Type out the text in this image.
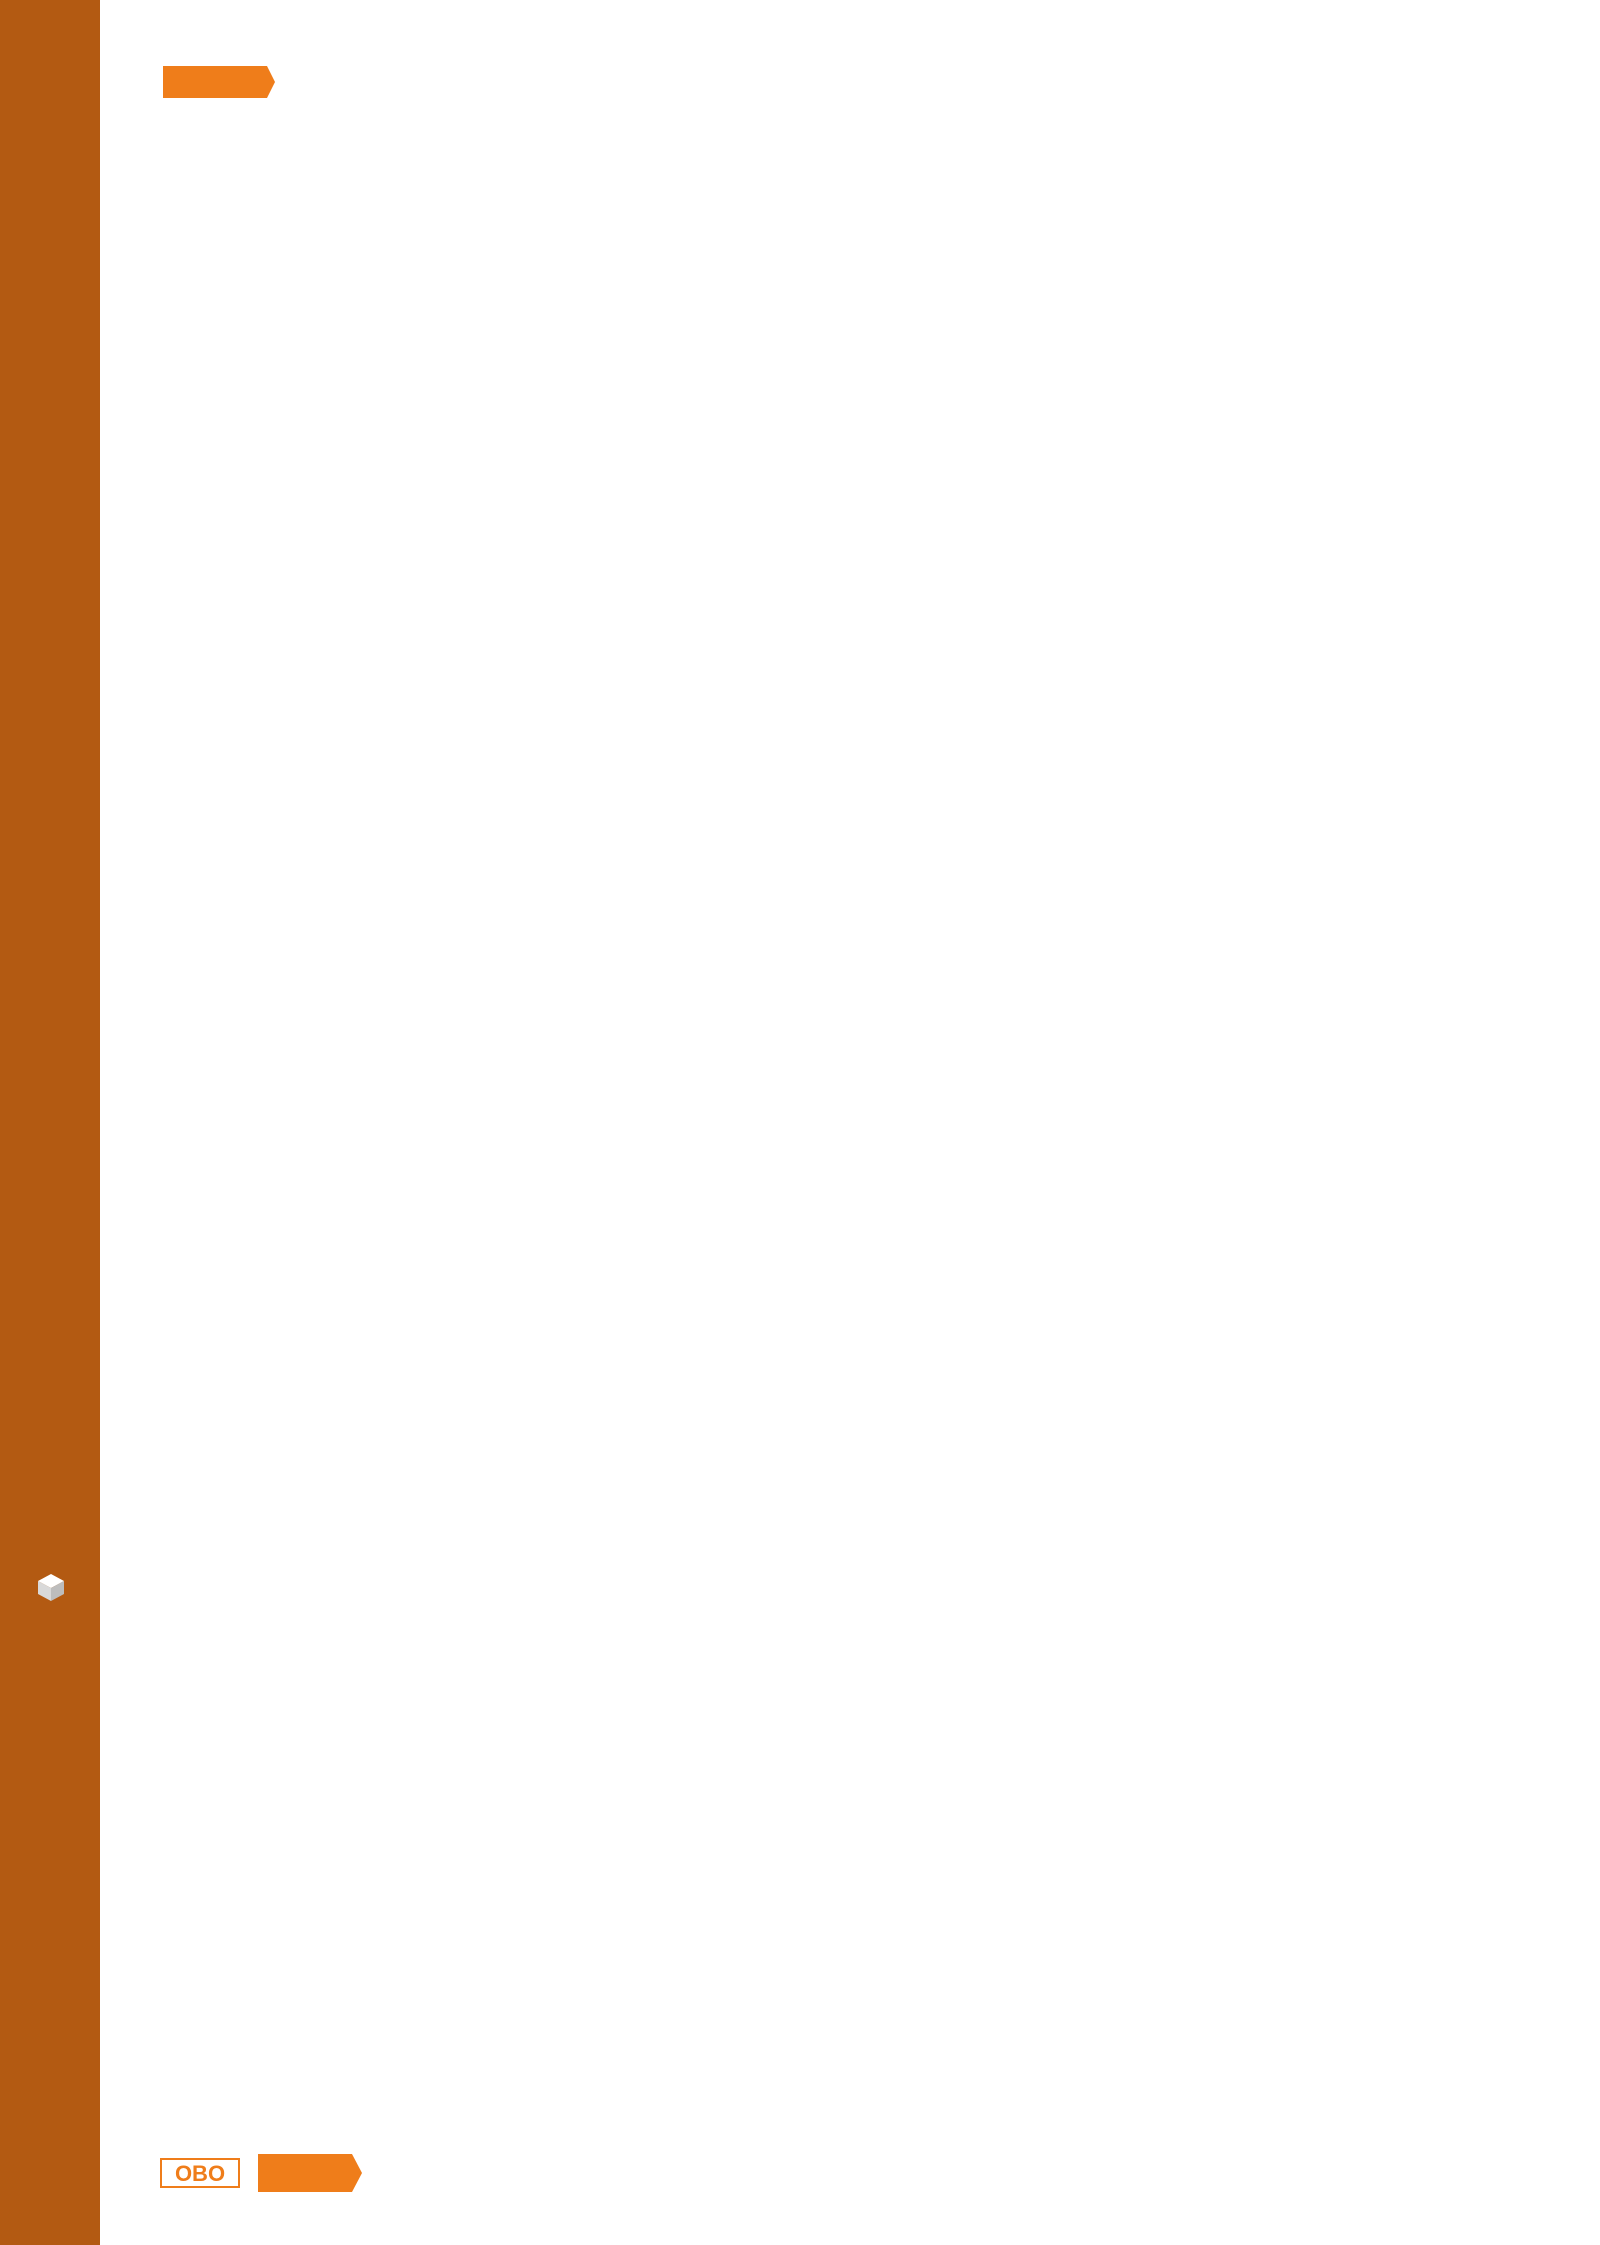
OBO
